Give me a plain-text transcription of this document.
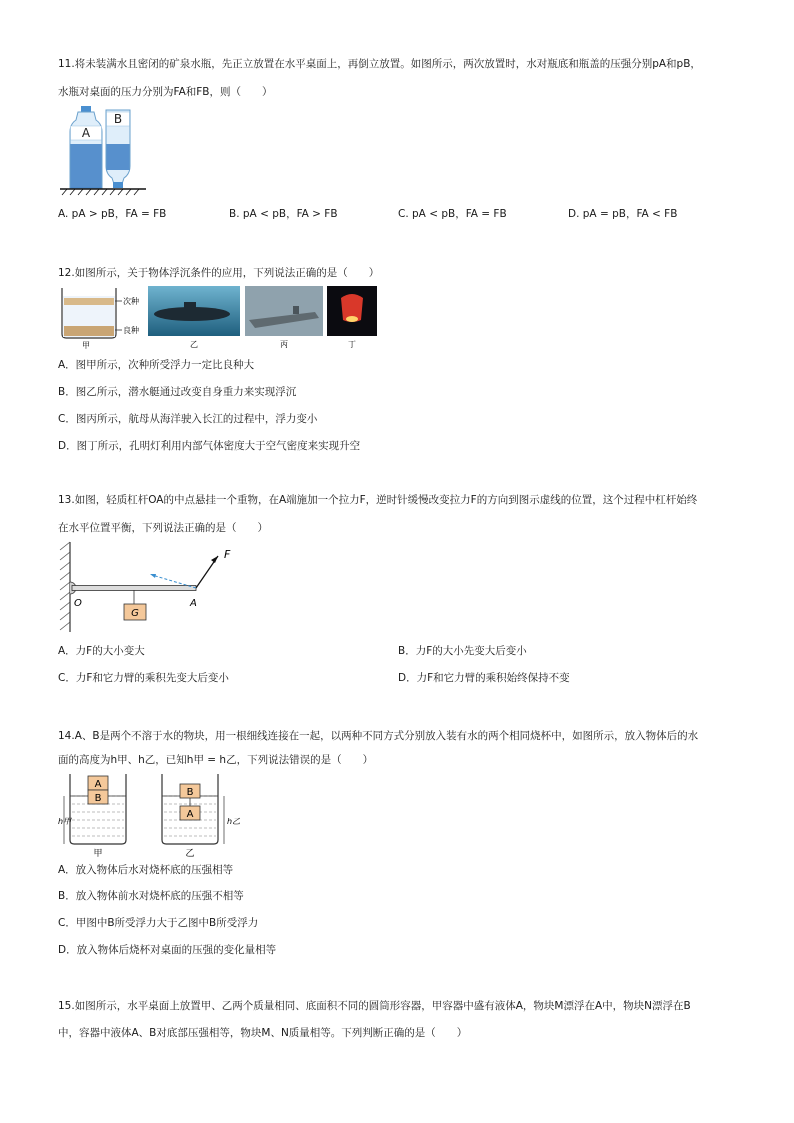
11.将未装满水且密闭的矿泉水瓶，先正立放置在水平桌面上，再倒立放置。如图所示，两次放置时，水对瓶底和瓶盖的压强分别pA和pB，
水瓶对桌面的压力分别为FA和FB，则（　　）
A
B
A. pA > pB，FA = FB	B. pA < pB，FA > FB	C. pA < pB，FA = FB	D. pA = pB，FA < FB
12.如图所示，关于物体浮沉条件的应用，下列说法正确的是（　　）
次种
良种
甲	乙	丙	丁
A．图甲所示，次种所受浮力一定比良种大
B．图乙所示，潜水艇通过改变自身重力来实现浮沉
C．图丙所示，航母从海洋驶入长江的过程中，浮力变小
D．图丁所示，孔明灯利用内部气体密度大于空气密度来实现升空
13.如图，轻质杠杆OA的中点悬挂一个重物，在A端施加一个拉力F，逆时针缓慢改变拉力F的方向到图示虚线的位置，这个过程中杠杆始终
在水平位置平衡，下列说法正确的是（　　）
G
F
O	A
A．力F的大小变大	B．力F的大小先变大后变小
C．力F和它力臂的乘积先变大后变小	D．力F和它力臂的乘积始终保持不变
14.A、B是两个不溶于水的物块，用一根细线连接在一起，以两种不同方式分别放入装有水的两个相同烧杯中，如图所示，放入物体后的水
面的高度为h甲、h乙，已知h甲 = h乙，下列说法错误的是（　　）
A
B
h甲
甲
B
A
h乙
乙
A．放入物体后水对烧杯底的压强相等
B．放入物体前水对烧杯底的压强不相等
C．甲图中B所受浮力大于乙图中B所受浮力
D．放入物体后烧杯对桌面的压强的变化量相等
15.如图所示，水平桌面上放置甲、乙两个质量相同、底面积不同的圆筒形容器，甲容器中盛有液体A，物块M漂浮在A中，物块N漂浮在B
中，容器中液体A、B对底部压强相等，物块M、N质量相等。下列判断正确的是（　　）
